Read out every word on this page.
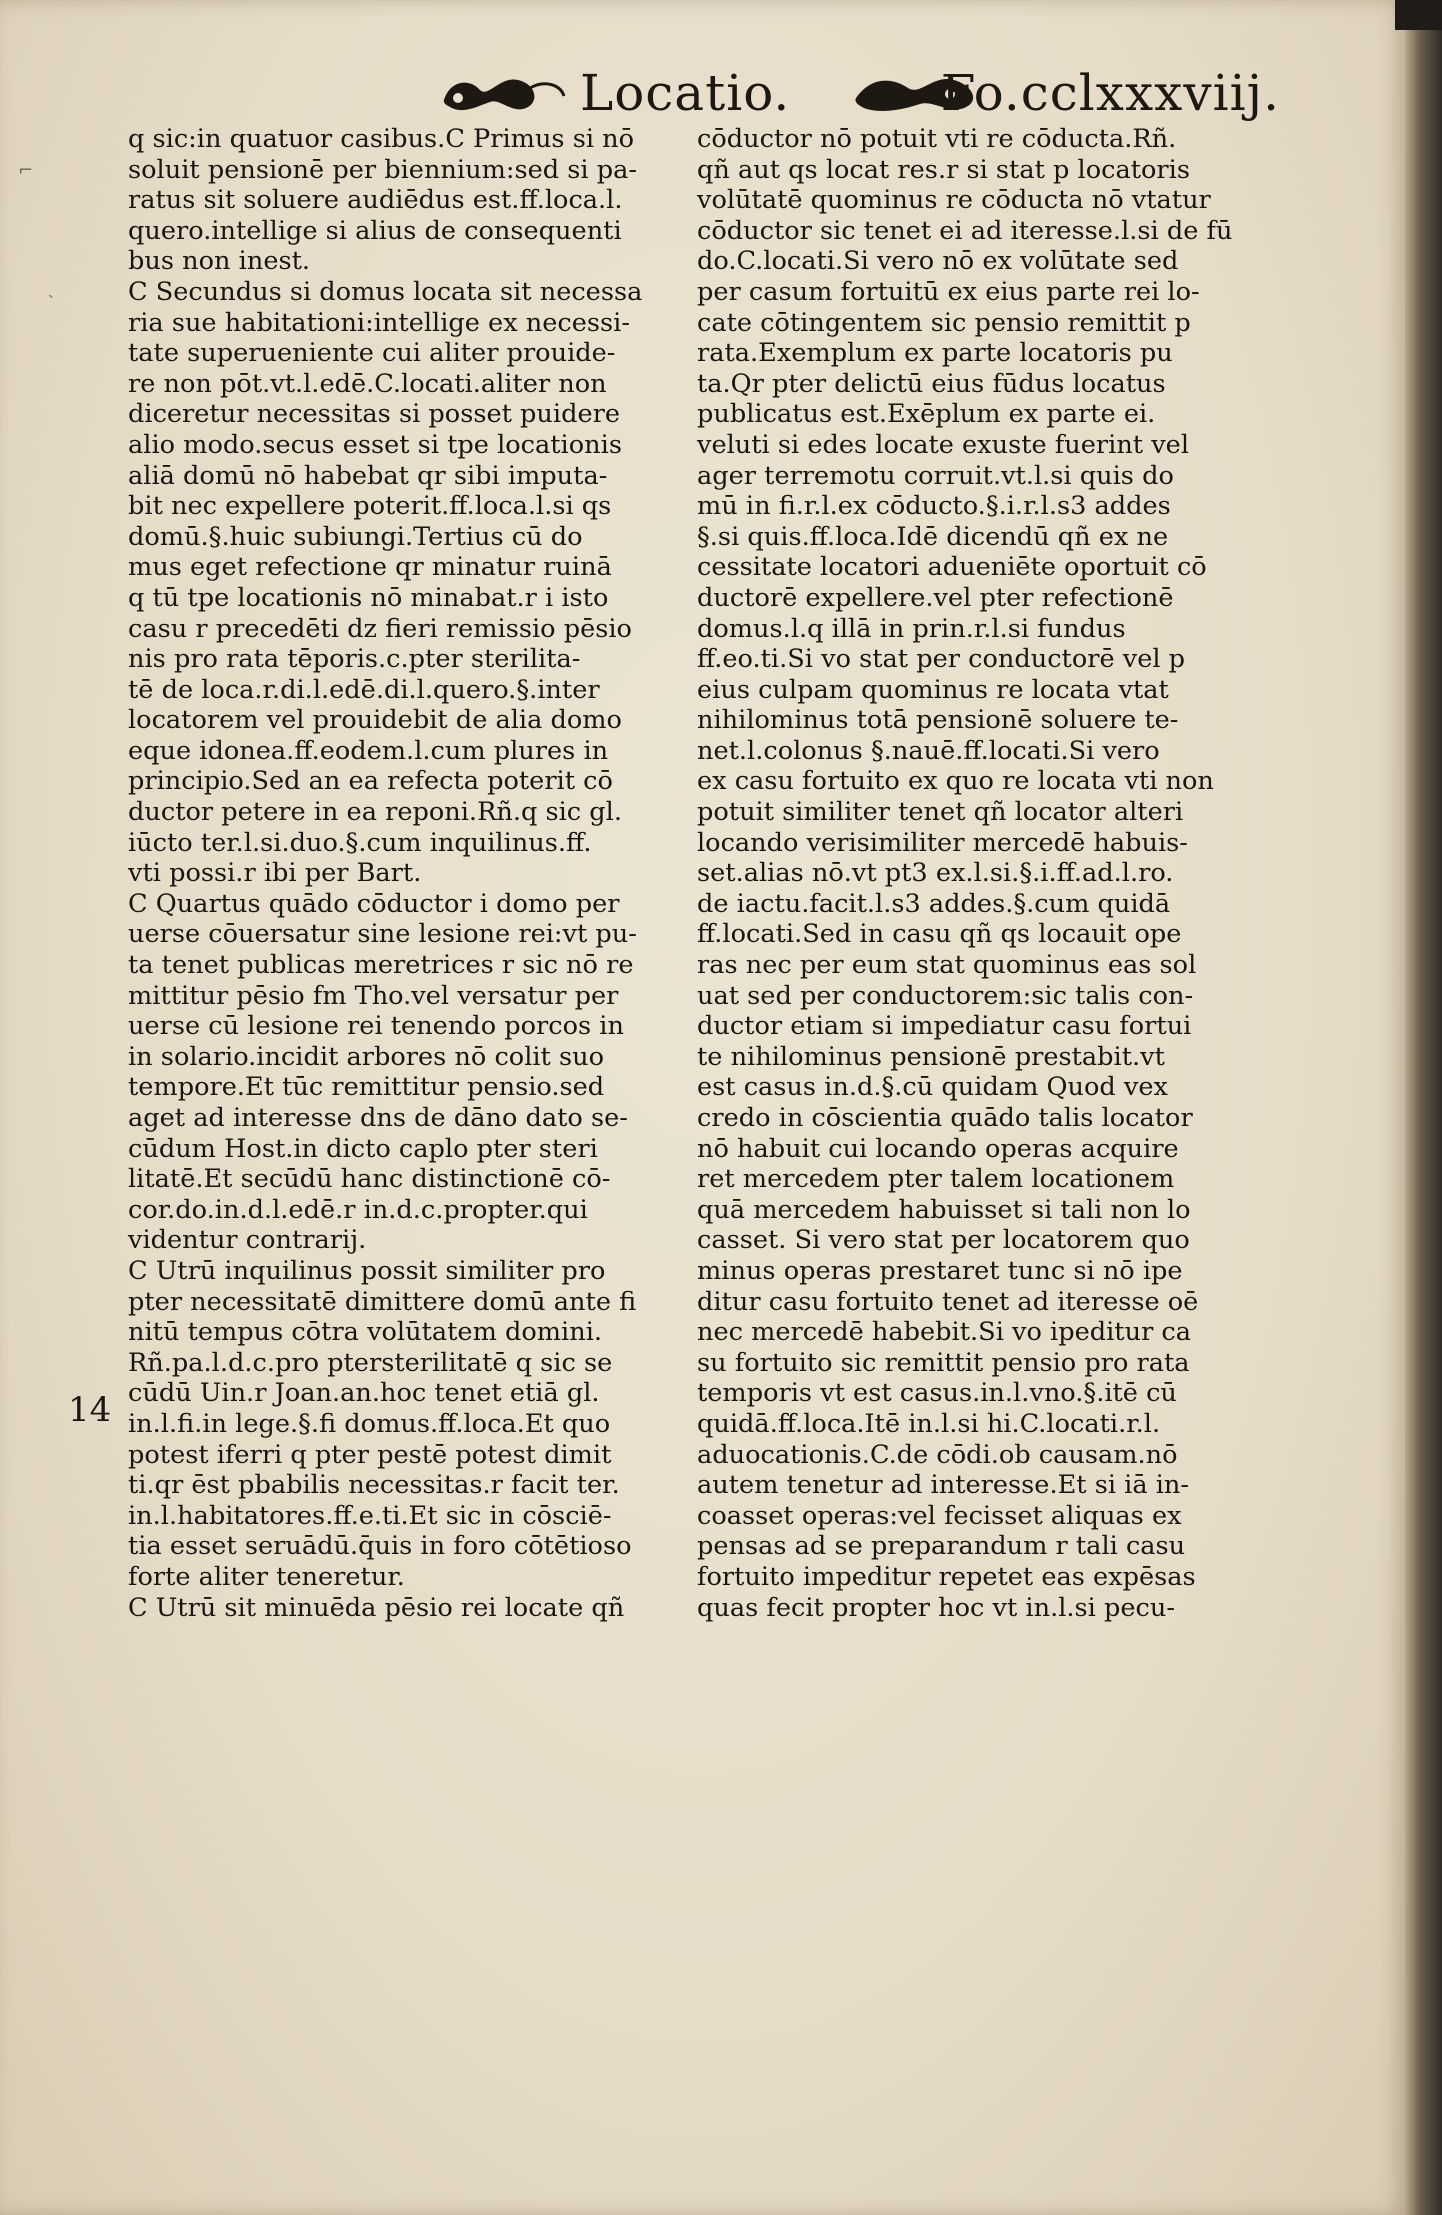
Locatio.	Fo.cclxxxviij.
q sic:in quatuor casibus.C Primus si nō
soluit pensionē per biennium:sed si pa-
ratus sit soluere audiēdus est.ff.loca.l.
quero.intellige si alius de consequenti
bus non inest.
C Secundus si domus locata sit necessa
ria sue habitationi:intellige ex necessi-
tate superueniente cui aliter prouide-
re non pōt.vt.l.edē.C.locati.aliter non
diceretur necessitas si posset puidere
alio modo.secus esset si tpe locationis
aliā domū nō habebat qr sibi imputa-
bit nec expellere poterit.ff.loca.l.si qs
domū.§.huic subiungi.Tertius cū do
mus eget refectione qr minatur ruinā
q tū tpe locationis nō minabat.r i isto
casu r precedēti dz fieri remissio pēsio
nis pro rata tēporis.c.pter sterilita-
tē de loca.r.di.l.edē.di.l.quero.§.inter
locatorem vel prouidebit de alia domo
eque idonea.ff.eodem.l.cum plures in
principio.Sed an ea refecta poterit cō
ductor petere in ea reponi.Rñ.q sic gl.
iūcto ter.l.si.duo.§.cum inquilinus.ff.
vti possi.r ibi per Bart.
C Quartus quādo cōductor i domo per
uerse cōuersatur sine lesione rei:vt pu-
ta tenet publicas meretrices r sic nō re
mittitur pēsio fm Tho.vel versatur per
uerse cū lesione rei tenendo porcos in
in solario.incidit arbores nō colit suo
tempore.Et tūc remittitur pensio.sed
aget ad interesse dns de dāno dato se-
cūdum Host.in dicto caplo pter steri
litatē.Et secūdū hanc distinctionē cō-
cor.do.in.d.l.edē.r in.d.c.propter.qui
videntur contrarij.
C Utrū inquilinus possit similiter pro
pter necessitatē dimittere domū ante fi
nitū tempus cōtra volūtatem domini.
Rñ.pa.l.d.c.pro ptersterilitatē q sic se
cūdū Uin.r Joan.an.hoc tenet etiā gl.
in.l.fi.in lege.§.fi domus.ff.loca.Et quo
potest iferri q pter pestē potest dimit
ti.qr ēst pbabilis necessitas.r facit ter.
in.l.habitatores.ff.e.ti.Et sic in cōsciē-
tia esset seruādū.q̄uis in foro cōtētioso
forte aliter teneretur.
C Utrū sit minuēda pēsio rei locate qñ
cōductor nō potuit vti re cōducta.Rñ.
qñ aut qs locat res.r si stat p locatoris
volūtatē quominus re cōducta nō vtatur
cōductor sic tenet ei ad iteresse.l.si de fū
do.C.locati.Si vero nō ex volūtate sed
per casum fortuitū ex eius parte rei lo-
cate cōtingentem sic pensio remittit p
rata.Exemplum ex parte locatoris pu
ta.Qr pter delictū eius fūdus locatus
publicatus est.Exēplum ex parte ei.
veluti si edes locate exuste fuerint vel
ager terremotu corruit.vt.l.si quis do
mū in fi.r.l.ex cōducto.§.i.r.l.s3 addes
§.si quis.ff.loca.Idē dicendū qñ ex ne
cessitate locatori adueniēte oportuit cō
ductorē expellere.vel pter refectionē
domus.l.q illā in prin.r.l.si fundus
ff.eo.ti.Si vo stat per conductorē vel p
eius culpam quominus re locata vtat
nihilominus totā pensionē soluere te-
net.l.colonus §.nauē.ff.locati.Si vero
ex casu fortuito ex quo re locata vti non
potuit similiter tenet qñ locator alteri
locando verisimiliter mercedē habuis-
set.alias nō.vt pt3 ex.l.si.§.i.ff.ad.l.ro.
de iactu.facit.l.s3 addes.§.cum quidā
ff.locati.Sed in casu qñ qs locauit ope
ras nec per eum stat quominus eas sol
uat sed per conductorem:sic talis con-
ductor etiam si impediatur casu fortui
te nihilominus pensionē prestabit.vt
est casus in.d.§.cū quidam Quod vex
credo in cōscientia quādo talis locator
nō habuit cui locando operas acquire
ret mercedem pter talem locationem
quā mercedem habuisset si tali non lo
casset. Si vero stat per locatorem quo
minus operas prestaret tunc si nō ipe
ditur casu fortuito tenet ad iteresse oē
nec mercedē habebit.Si vo ipeditur ca
su fortuito sic remittit pensio pro rata
temporis vt est casus.in.l.vno.§.itē cū
quidā.ff.loca.Itē in.l.si hi.C.locati.r.l.
aduocationis.C.de cōdi.ob causam.nō
autem tenetur ad interesse.Et si iā in-
coasset operas:vel fecisset aliquas ex
pensas ad se preparandum r tali casu
fortuito impeditur repetet eas expēsas
quas fecit propter hoc vt in.l.si pecu-
14
⌐
ˏ
